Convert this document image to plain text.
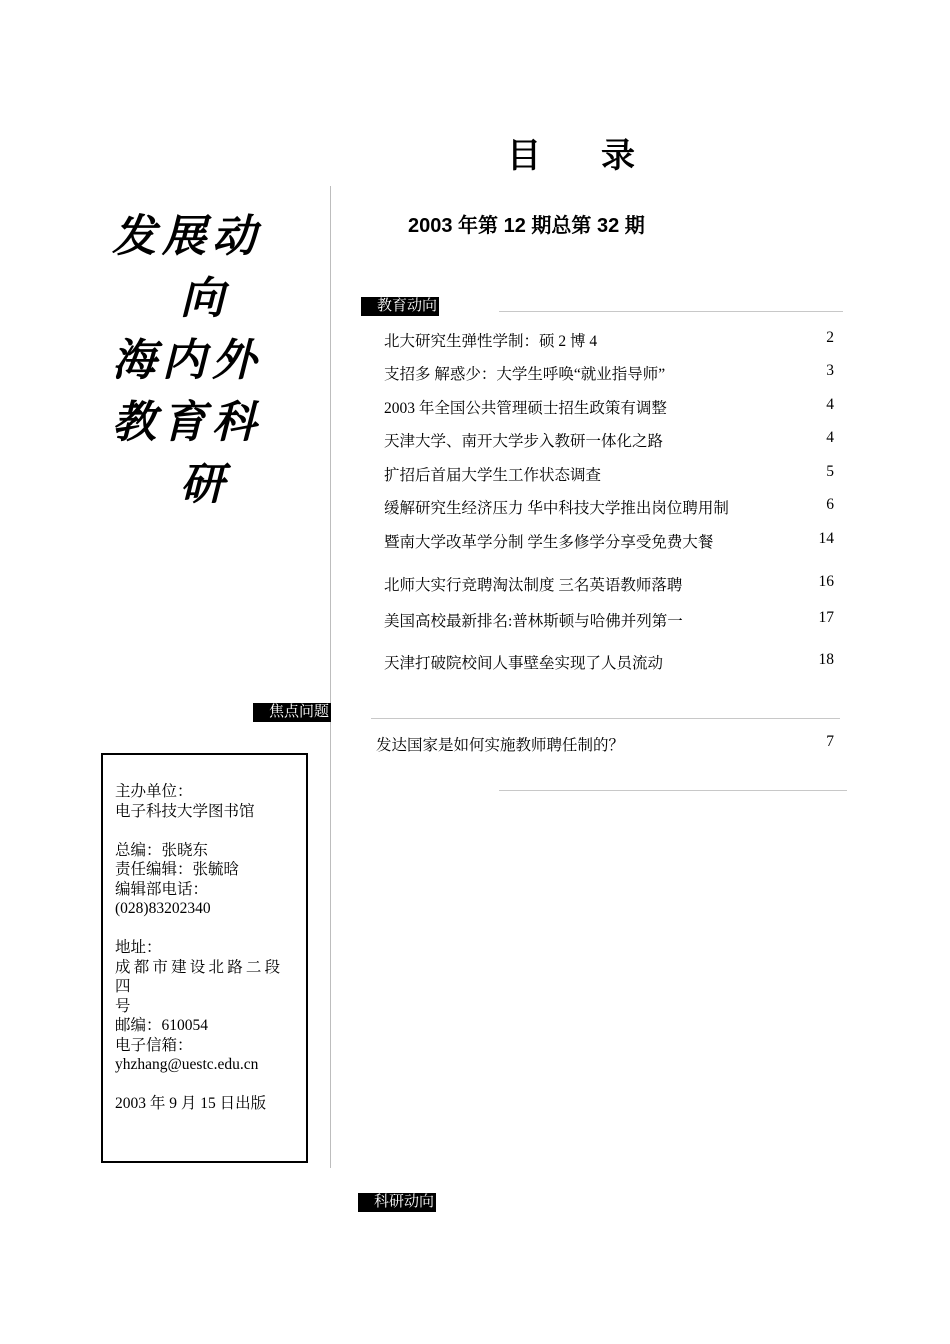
目 录
2003 年第 12 期总第 32 期
发展动
向
海内外
教育科
研
教育动向
北大研究生弹性学制：硕 2 博 4	2
支招多 解惑少：大学生呼唤“就业指导师”	3
2003 年全国公共管理硕士招生政策有调整	4
天津大学、南开大学步入教研一体化之路	4
扩招后首届大学生工作状态调查	5
缓解研究生经济压力 华中科技大学推出岗位聘用制	6
暨南大学改革学分制 学生多修学分享受免费大餐	14
北师大实行竞聘淘汰制度 三名英语教师落聘	16
美国高校最新排名:普林斯顿与哈佛并列第一	17
天津打破院校间人事壁垒实现了人员流动	18
焦点问题
发达国家是如何实施教师聘任制的？	7
主办单位：
电子科技大学图书馆
总编：张晓东
责任编辑：张毓晗
编辑部电话：
(028)83202340
地址：
成都市建设北路二段四
号
邮编：610054
电子信箱：
yhzhang@uestc.edu.cn
2003 年 9 月 15 日出版
科研动向
